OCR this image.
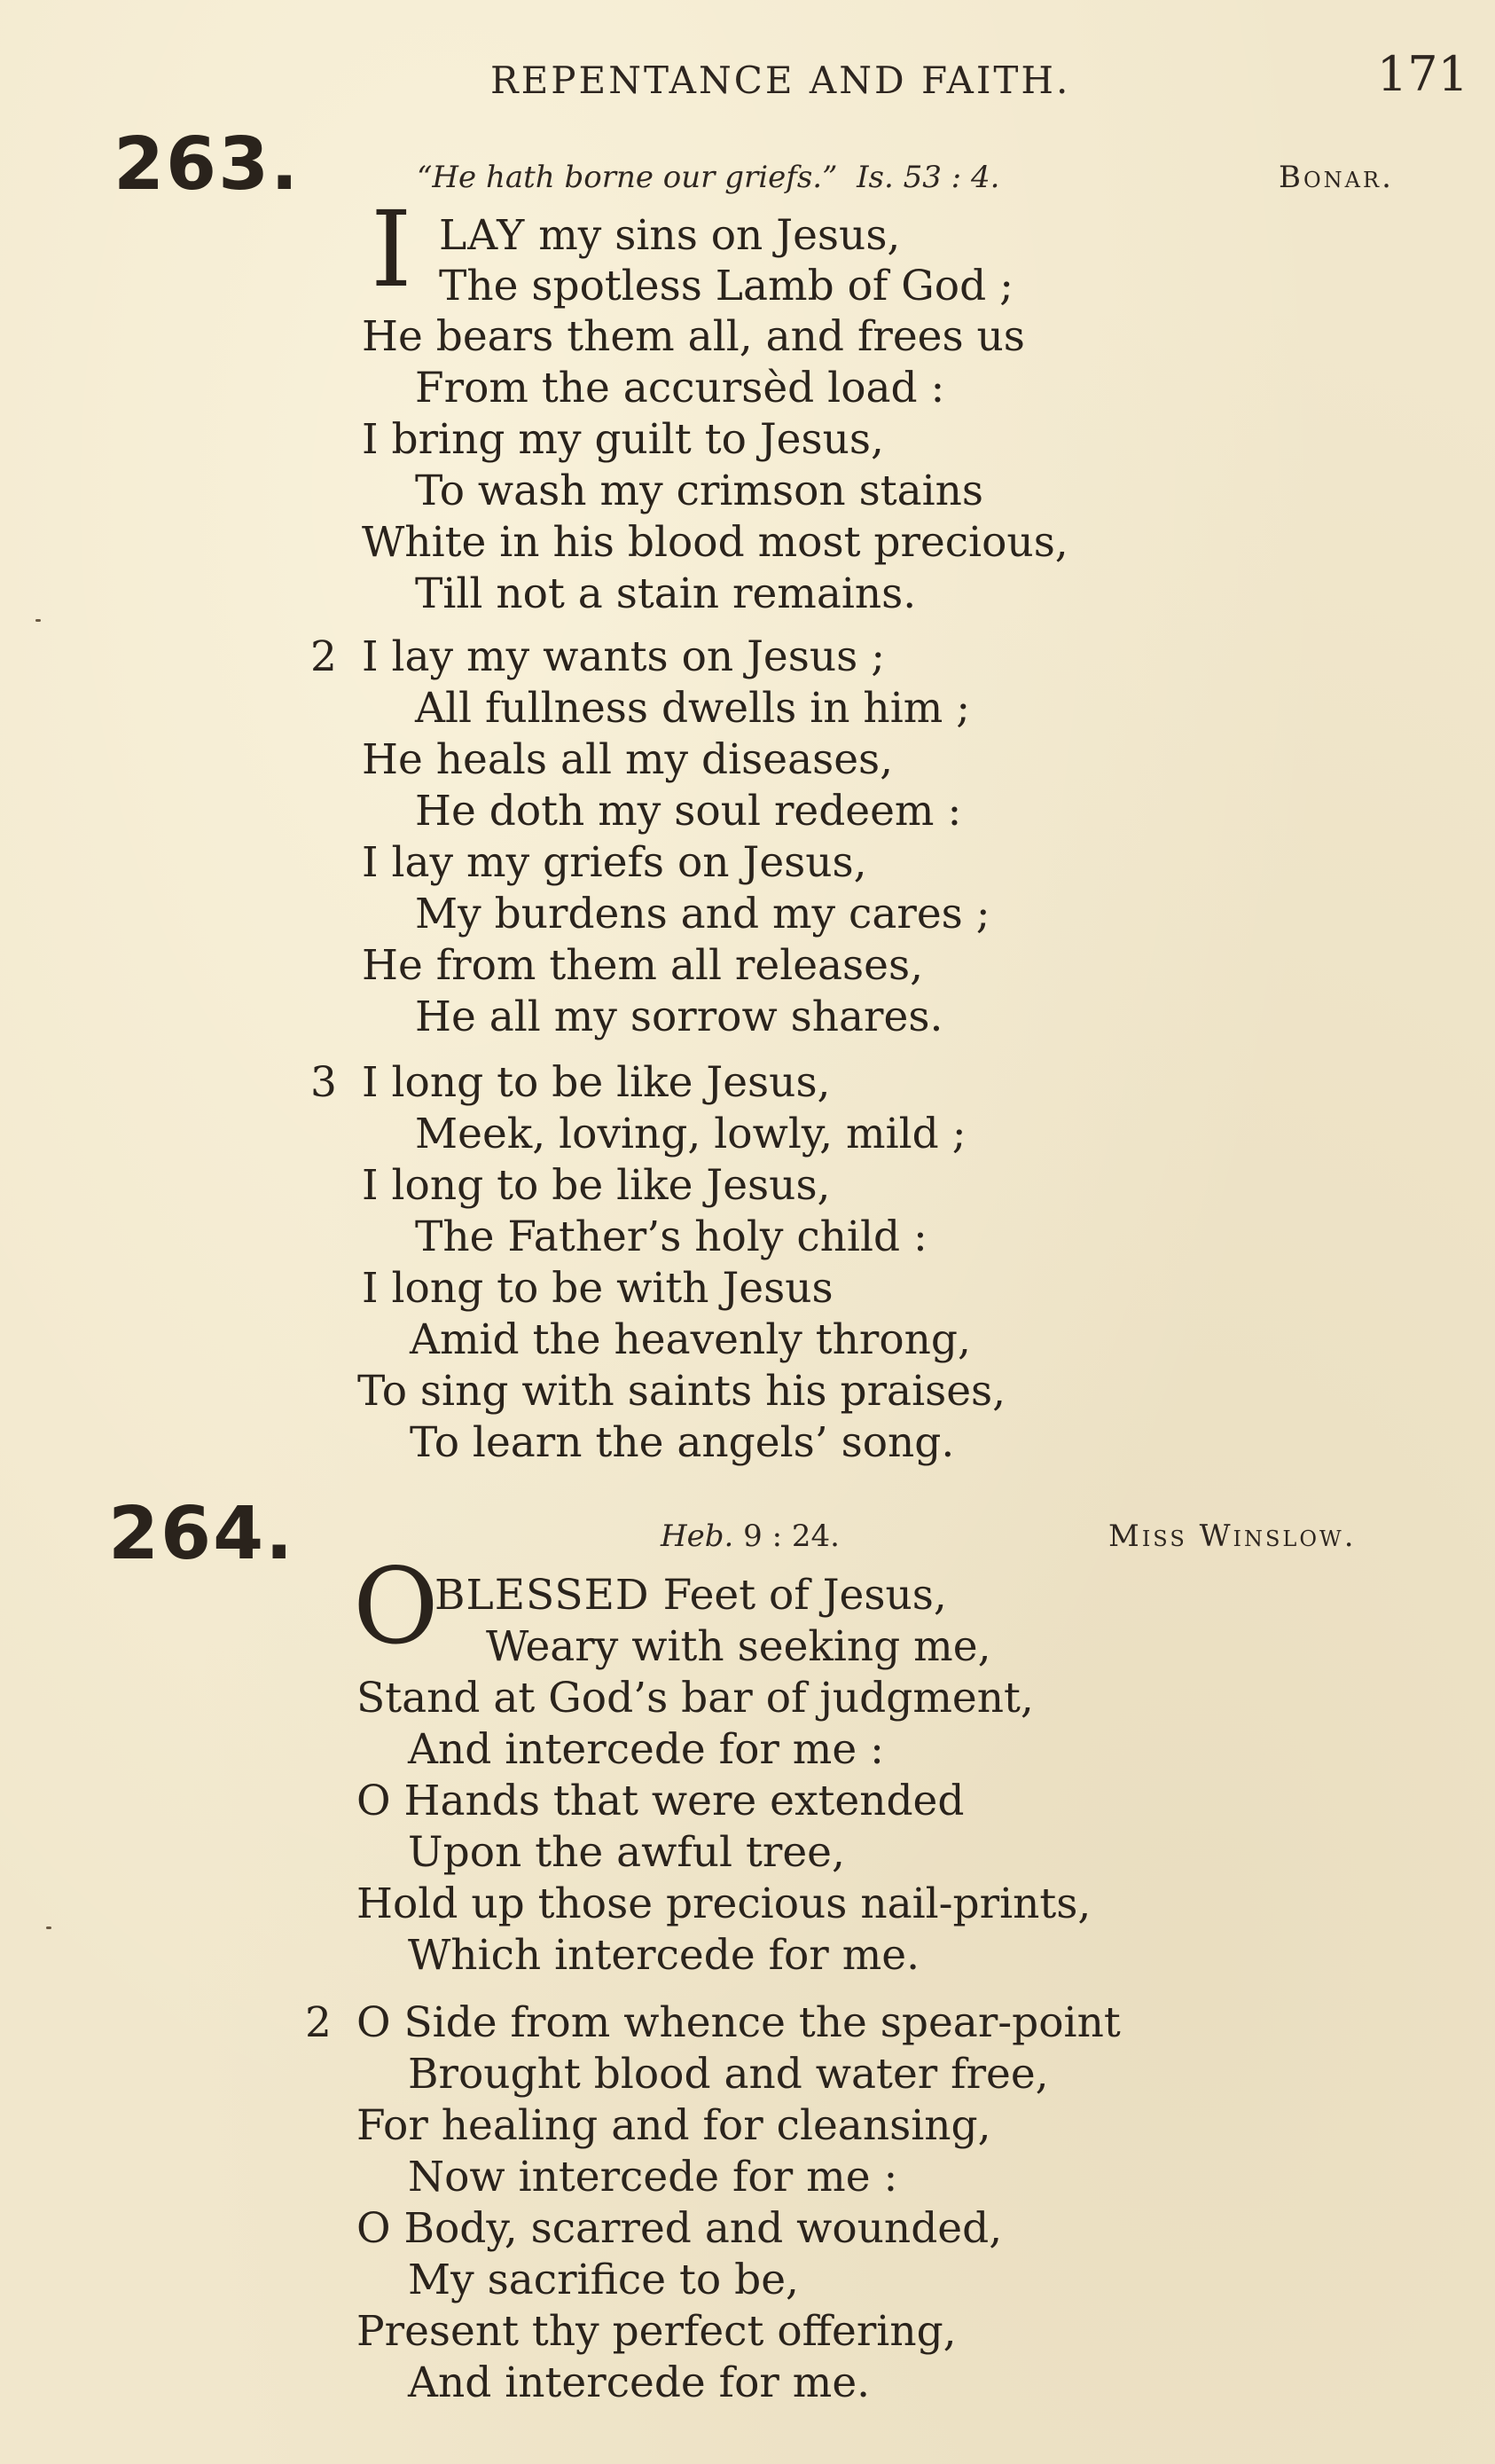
REPENTANCE AND FAITH.	171
263.	“He hath borne our griefs.” Is. 53 : 4.	Bonar.
I LAY my sins on Jesus,
The spotless Lamb of God ;
He bears them all, and frees us
From the accursèd load :
I bring my guilt to Jesus,
To wash my crimson stains
White in his blood most precious,
Till not a stain remains.
2 I lay my wants on Jesus ;
All fullness dwells in him ;
He heals all my diseases,
He doth my soul redeem :
I lay my griefs on Jesus,
My burdens and my cares ;
He from them all releases,
He all my sorrow shares.
3 I long to be like Jesus,
Meek, loving, lowly, mild ;
I long to be like Jesus,
The Father’s holy child :
I long to be with Jesus
Amid the heavenly throng,
To sing with saints his praises,
To learn the angels’ song.
264.	Heb. 9 : 24.	Miss Winslow.
O
BLESSED Feet of Jesus,
Weary with seeking me,
Stand at God’s bar of judgment,
And intercede for me :
O Hands that were extended
Upon the awful tree,
Hold up those precious nail-prints,
Which intercede for me.
2 O Side from whence the spear-point
Brought blood and water free,
For healing and for cleansing,
Now intercede for me :
O Body, scarred and wounded,
My sacrifice to be,
Present thy perfect offering,
And intercede for me.
